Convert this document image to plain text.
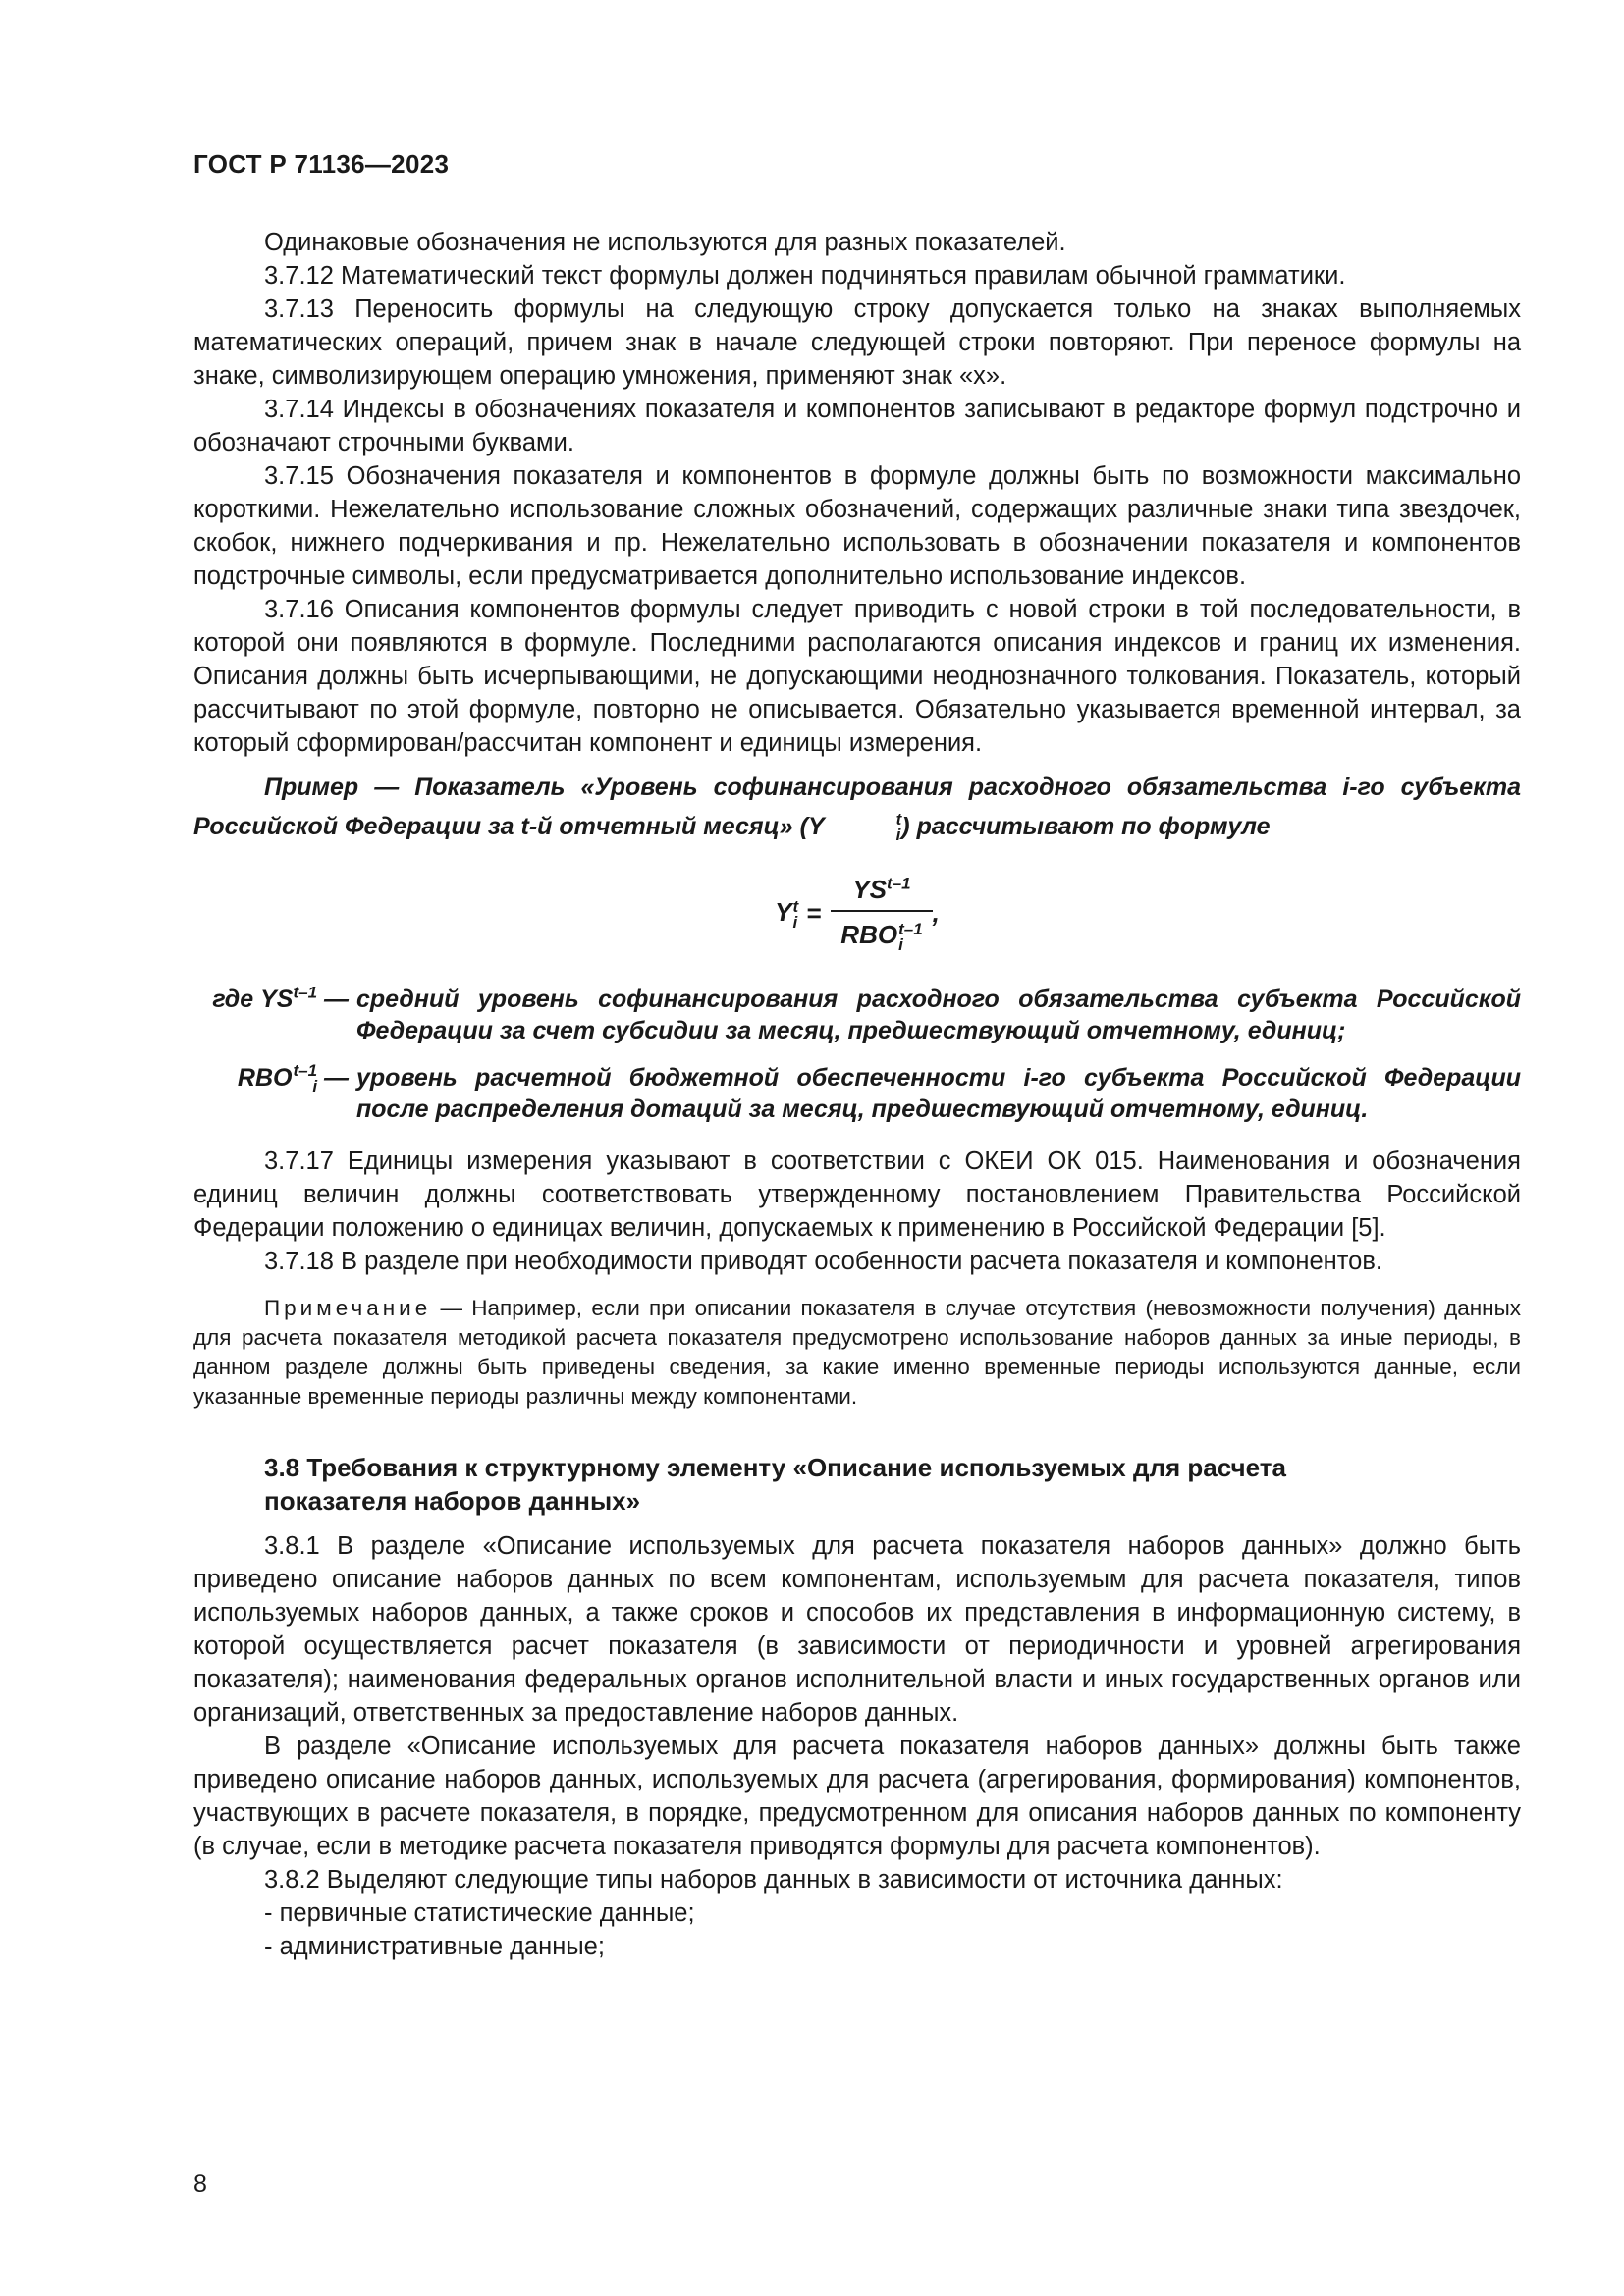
ГОСТ Р 71136—2023

Одинаковые обозначения не используются для разных показателей.

3.7.12 Математический текст формулы должен подчиняться правилам обычной грамматики.

3.7.13 Переносить формулы на следующую строку допускается только на знаках выполняемых математических операций, причем знак в начале следующей строки повторяют. При переносе формулы на знаке, символизирующем операцию умножения, применяют знак «х».

3.7.14 Индексы в обозначениях показателя и компонентов записывают в редакторе формул подстрочно и обозначают строчными буквами.

3.7.15 Обозначения показателя и компонентов в формуле должны быть по возможности максимально короткими. Нежелательно использование сложных обозначений, содержащих различные знаки типа звездочек, скобок, нижнего подчеркивания и пр. Нежелательно использовать в обозначении показателя и компонентов подстрочные символы, если предусматривается дополнительно использование индексов.

3.7.16 Описания компонентов формулы следует приводить с новой строки в той последовательности, в которой они появляются в формуле. Последними располагаются описания индексов и границ их изменения. Описания должны быть исчерпывающими, не допускающими неоднозначного толкования. Показатель, который рассчитывают по этой формуле, повторно не описывается. Обязательно указывается временной интервал, за который сформирован/рассчитан компонент и единицы измерения.

Пример — Показатель «Уровень софинансирования расходного обязательства i-го субъекта Российской Федерации за t-й отчетный месяц» (Y	t
i ) рассчитывают по формуле

Y t
$i = YS^{t-1}$
RBO t–1
i ,
где YS$^{t-1}$ — средний уровень софинансирования расходного обязательства субъекта Российской Федерации за счет субсидии за месяц, предшествующий отчетному, единиц;
RBO t–1
i — уровень расчетной бюджетной обеспеченности i-го субъекта Российской Федерации после распределения дотаций за месяц, предшествующий отчетному, единиц.

3.7.17 Единицы измерения указывают в соответствии с ОКЕИ ОК 015. Наименования и обозначения единиц величин должны соответствовать утвержденному постановлением Правительства Российской Федерации положению о единицах величин, допускаемых к применению в Российской Федерации [5].

3.7.18 В разделе при необходимости приводят особенности расчета показателя и компонентов.

Примечание — Например, если при описании показателя в случае отсутствия (невозможности получения) данных для расчета показателя методикой расчета показателя предусмотрено использование наборов данных за иные периоды, в данном разделе должны быть приведены сведения, за какие именно временные периоды используются данные, если указанные временные периоды различны между компонентами.

3.8 Требования к структурному элементу «Описание используемых для расчета
показателя наборов данных»

3.8.1 В разделе «Описание используемых для расчета показателя наборов данных» должно быть приведено описание наборов данных по всем компонентам, используемым для расчета показателя, типов используемых наборов данных, а также сроков и способов их представления в информационную систему, в которой осуществляется расчет показателя (в зависимости от периодичности и уровней агрегирования показателя); наименования федеральных органов исполнительной власти и иных государственных органов или организаций, ответственных за предоставление наборов данных.

В разделе «Описание используемых для расчета показателя наборов данных» должны быть также приведено описание наборов данных, используемых для расчета (агрегирования, формирования) компонентов, участвующих в расчете показателя, в порядке, предусмотренном для описания наборов данных по компоненту (в случае, если в методике расчета показателя приводятся формулы для расчета компонентов).

3.8.2 Выделяют следующие типы наборов данных в зависимости от источника данных:

- первичные статистические данные;

- административные данные;

8
